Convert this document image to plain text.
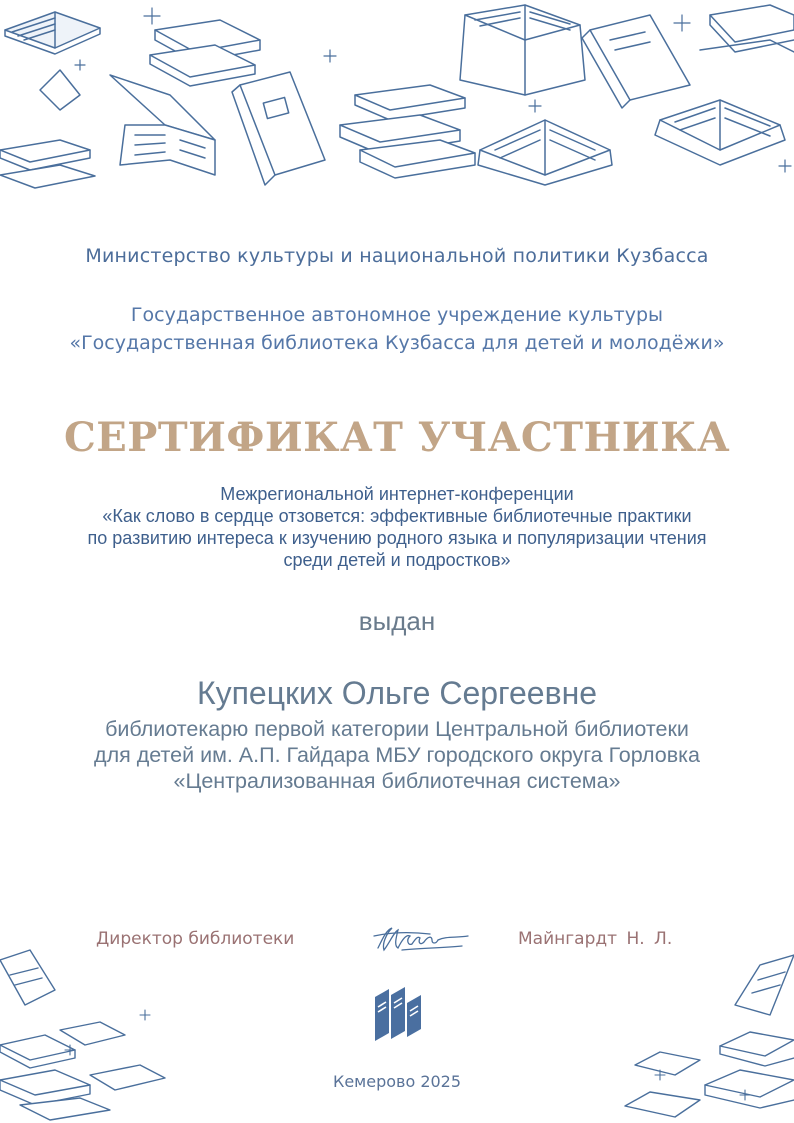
Министерство культуры и национальной политики Кузбасса

Государственное автономное учреждение культуры
«Государственная библиотека Кузбасса для детей и молодёжи»

СЕРТИФИКАТ УЧАСТНИКА

Межрегиональной интернет-конференции
«Как слово в сердце отзовется: эффективные библиотечные практики
по развитию интереса к изучению родного языка и популяризации чтения
среди детей и подростков»

выдан

Купецких Ольге Сергеевне

библиотекарю первой категории Центральной библиотеки
для детей им. А.П. Гайдара МБУ городского округа Горловка
«Централизованная библиотечная система»

Директор библиотеки	Майнгардт Н. Л.

Кемерово 2025
